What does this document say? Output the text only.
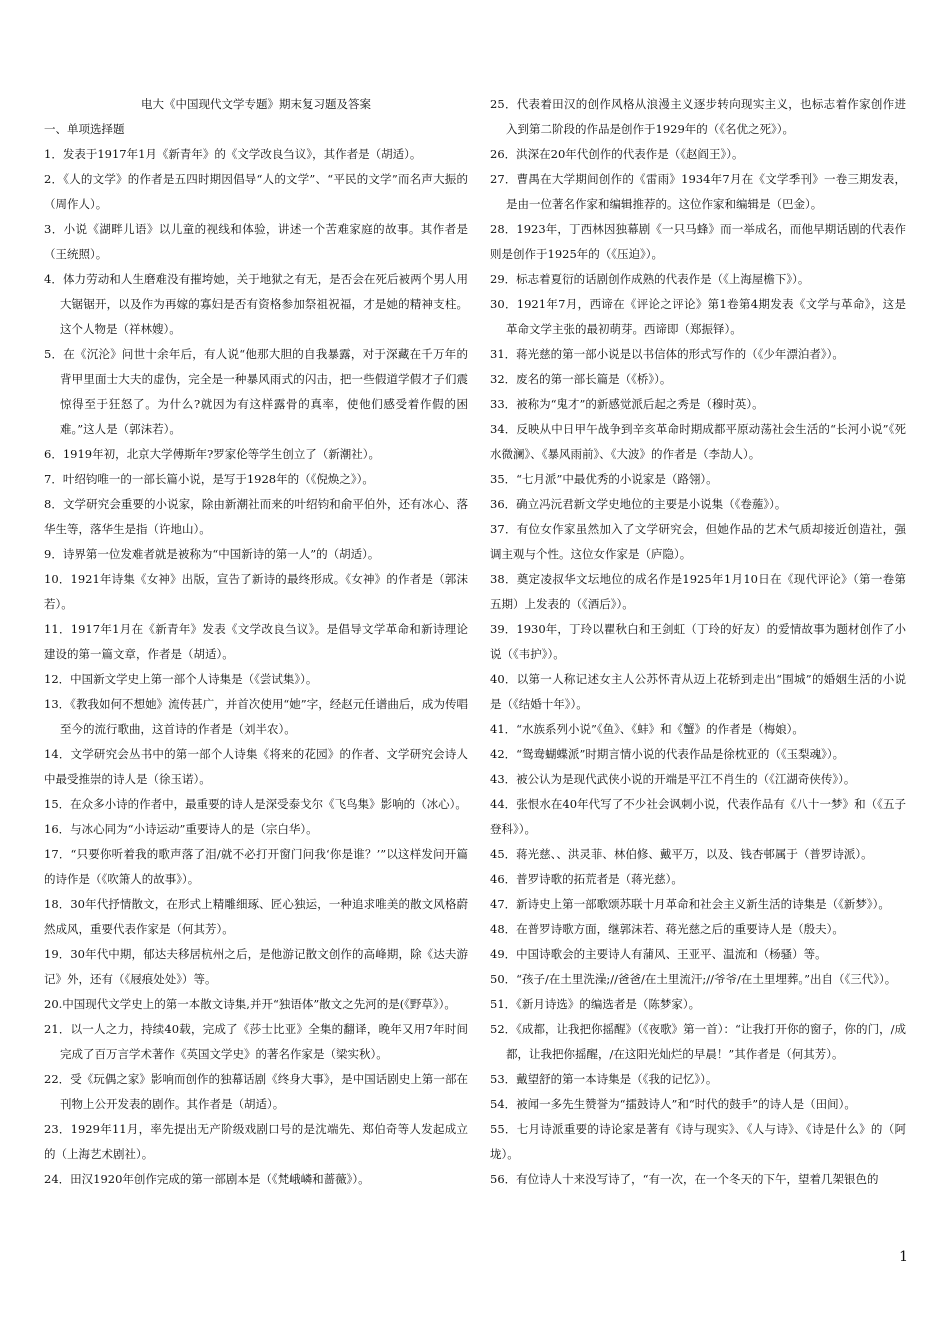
电大《中国现代文学专题》期末复习题及答案
一、单项选择题
1．发表于1917年1月《新青年》的《文学改良刍议》，其作者是（胡适）。
2．《人的文学》的作者是五四时期因倡导“人的文学”、“平民的文学”而名声大振的（周作人）。
3．小说《湖畔儿语》以儿童的视线和体验，讲述一个苦难家庭的故事。其作者是（王统照）。
4．体力劳动和人生磨难没有摧垮她，关于地狱之有无，是否会在死后被两个男人用大锯锯开，以及作为再嫁的寡妇是否有资格参加祭祖祝福，才是她的精神支柱。这个人物是（祥林嫂）。
5．在《沉沦》问世十余年后，有人说“他那大胆的自我暴露，对于深藏在千万年的背甲里面士大夫的虚伪，完全是一种暴风雨式的闪击，把一些假道学假才子们震惊得至于狂怒了。为什么?就因为有这样露骨的真率，使他们感受着作假的困难。”这人是（郭沫若）。
6．1919年初，北京大学傅斯年?罗家伦等学生创立了（新潮社）。
7．叶绍钧唯一的一部长篇小说，是写于1928年的（《倪焕之》）。
8．文学研究会重要的小说家，除由新潮社而来的叶绍钧和俞平伯外，还有冰心、落华生等，落华生是指（许地山）。
9．诗界第一位发难者就是被称为“中国新诗的第一人”的（胡适）。
10．1921年诗集《女神》出版，宣告了新诗的最终形成。《女神》的作者是（郭沫若）。
11．1917年1月在《新青年》发表《文学改良刍议》。是倡导文学革命和新诗理论建设的第一篇文章，作者是（胡适）。
12．中国新文学史上第一部个人诗集是（《尝试集》）。
13．《教我如何不想她》流传甚广，并首次使用“她”字，经赵元任谱曲后，成为传唱至今的流行歌曲，这首诗的作者是（刘半农）。
14．文学研究会丛书中的第一部个人诗集《将来的花园》的作者、文学研究会诗人中最受推崇的诗人是（徐玉诺）。
15．在众多小诗的作者中，最重要的诗人是深受泰戈尔《飞鸟集》影响的（冰心）。
16．与冰心同为“小诗运动”重要诗人的是（宗白华）。
17．“只要你听着我的歌声落了泪/就不必打开窗门问我‘你是谁？’”以这样发问开篇的诗作是（《吹箫人的故事》）。
18．30年代抒情散文，在形式上精雕细琢、匠心独运，一种追求唯美的散文风格蔚然成风，重要代表作家是（何其芳）。
19．30年代中期，郁达夫移居杭州之后，是他游记散文创作的高峰期，除《达夫游记》外，还有（《屐痕处处》）等。
20.中国现代文学史上的第一本散文诗集,并开“独语体”散文之先河的是(《野草》）。
21．以一人之力，持续40载，完成了《莎士比亚》全集的翻译，晚年又用7年时间完成了百万言学术著作《英国文学史》的著名作家是（梁实秋）。
22．受《玩偶之家》影响而创作的独幕话剧《终身大事》，是中国话剧史上第一部在刊物上公开发表的剧作。其作者是（胡适）。
23．1929年11月，率先提出无产阶级戏剧口号的是沈端先、郑伯奇等人发起成立的（上海艺术剧社）。
24．田汉1920年创作完成的第一部剧本是（《梵峨嶙和蔷薇》）。
25．代表着田汉的创作风格从浪漫主义逐步转向现实主义，也标志着作家创作进入到第二阶段的作品是创作于1929年的（《名优之死》）。
26．洪深在20年代创作的代表作是（《赵阎王》）。
27．曹禺在大学期间创作的《雷雨》1934年7月在《文学季刊》一卷三期发表，是由一位著名作家和编辑推荐的。这位作家和编辑是（巴金）。
28．1923年，丁西林因独幕剧《一只马蜂》而一举成名，而他早期话剧的代表作则是创作于1925年的（《压迫》）。
29．标志着夏衍的话剧创作成熟的代表作是（《上海屋檐下》）。
30．1921年7月，西谛在《评论之评论》第1卷第4期发表《文学与革命》，这是革命文学主张的最初萌芽。西谛即（郑振铎）。
31．蒋光慈的第一部小说是以书信体的形式写作的（《少年漂泊者》）。
32．废名的第一部长篇是（《桥》）。
33．被称为“鬼才”的新感觉派后起之秀是（穆时英）。
34．反映从中日甲午战争到辛亥革命时期成都平原动荡社会生活的“长河小说”《死水微澜》、《暴风雨前》、《大波》的作者是（李劼人）。
35．“七月派”中最优秀的小说家是（路翎）。
36．确立冯沅君新文学史地位的主要是小说集（《卷葹》）。
37．有位女作家虽然加入了文学研究会，但她作品的艺术气质却接近创造社，强调主观与个性。这位女作家是（庐隐）。
38．奠定凌叔华文坛地位的成名作是1925年1月10日在《现代评论》（第一卷第五期）上发表的（《酒后》）。
39．1930年，丁玲以瞿秋白和王剑虹（丁玲的好友）的爱情故事为题材创作了小说（《韦护》）。
40．以第一人称记述女主人公苏怀青从迈上花轿到走出“围城”的婚姻生活的小说是（《结婚十年》）。
41．“水族系列小说”《鱼》、《蚌》和《蟹》的作者是（梅娘）。
42．“鸳鸯蝴蝶派”时期言情小说的代表作品是徐枕亚的（《玉梨魂》）。
43．被公认为是现代武侠小说的开端是平江不肖生的（《江湖奇侠传》）。
44．张恨水在40年代写了不少社会讽刺小说，代表作品有《八十一梦》和（《五子登科》）。
45．蒋光慈、、洪灵菲、林伯修、戴平万，以及、钱杏邨属于（普罗诗派）。
46．普罗诗歌的拓荒者是（蒋光慈）。
47．新诗史上第一部歌颂苏联十月革命和社会主义新生活的诗集是（《新梦》）。
48．在普罗诗歌方面，继郭沫若、蒋光慈之后的重要诗人是（殷夫）。
49．中国诗歌会的主要诗人有蒲风、王亚平、温流和（杨骚）等。
50．“孩子/在土里洗澡;//爸爸/在土里流汗;//爷爷/在土里埋葬。”出自（《三代》）。
51．《新月诗选》的编选者是（陈梦家）。
52．《成都，让我把你摇醒》（《夜歌》第一首）：“让我打开你的窗子，你的门，/成都，让我把你摇醒，/在这阳光灿烂的早晨！”其作者是（何其芳）。
53．戴望舒的第一本诗集是（《我的记忆》）。
54．被闻一多先生赞誉为“擂鼓诗人”和“时代的鼓手”的诗人是（田间）。
55．七月诗派重要的诗论家是著有《诗与现实》、《人与诗》、《诗是什么》的（阿垅）。
56．有位诗人十来没写诗了，“有一次，在一个冬天的下午，望着几架银色的
1
